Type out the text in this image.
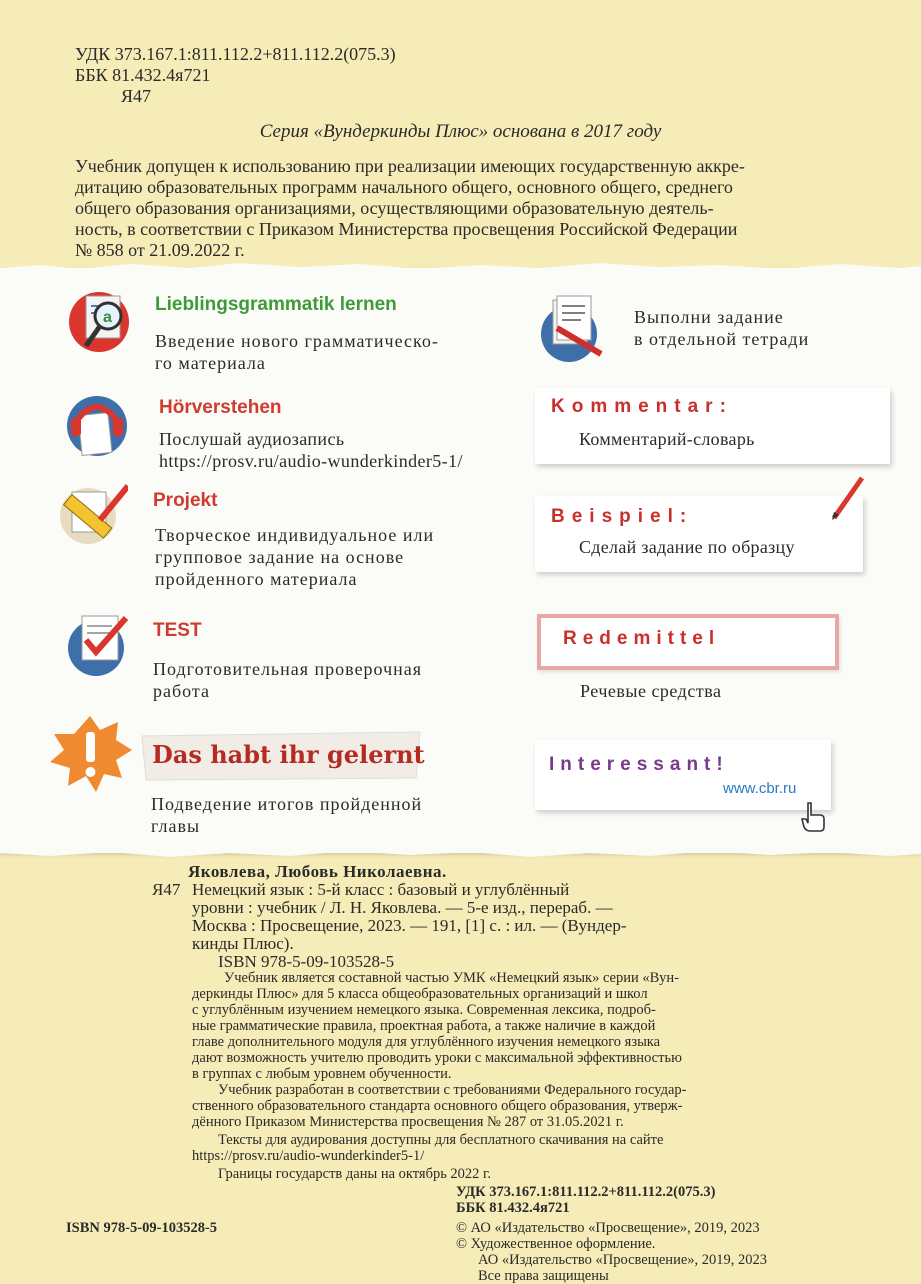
УДК 373.167.1:811.112.2+811.112.2(075.3)
ББК 81.432.4я721
Я47
Серия «Вундеркинды Плюс» основана в 2017 году
Учебник допущен к использованию при реализации имеющих государственную аккре-
дитацию образовательных программ начального общего, основного общего, среднего
общего образования организациями, осуществляющими образовательную деятель-
ность, в соответствии с Приказом Министерства просвещения Российской Федерации
№ 858 от 21.09.2022 г.
a
Lieblingsgrammatik lernen
Введение нового грамматическо-
го материала
Выполни задание
в отдельной тетради
Hörverstehen
Послушай аудиозапись
https://prosv.ru/audio-wunderkinder5-1/
Kommentar:
Комментарий-словарь
Projekt
Творческое индивидуальное или
групповое задание на основе
пройденного материала
Beispiel:
Сделай задание по образцу
TEST
Подготовительная проверочная
работа
Redemittel
Речевые средства
Das habt ihr gelernt
Подведение итогов пройденной
главы
Interessant!
www.cbr.ru
Яковлева, Любовь Николаевна.
Я47 Немецкий язык : 5-й класс : базовый и углублённый
уровни : учебник / Л. Н. Яковлева. — 5-е изд., перераб. —
Москва : Просвещение, 2023. — 191, [1] с. : ил. — (Вундер-
кинды Плюс).
ISBN 978-5-09-103528-5
Учебник является составной частью УМК «Немецкий язык» серии «Вун-
деркинды Плюс» для 5 класса общеобразовательных организаций и школ
с углублённым изучением немецкого языка. Современная лексика, подроб-
ные грамматические правила, проектная работа, а также наличие в каждой
главе дополнительного модуля для углублённого изучения немецкого языка
дают возможность учителю проводить уроки с максимальной эффективностью
в группах с любым уровнем обученности.
Учебник разработан в соответствии с требованиями Федерального государ-
ственного образовательного стандарта основного общего образования, утверж-
дённого Приказом Министерства просвещения № 287 от 31.05.2021 г.
Тексты для аудирования доступны для бесплатного скачивания на сайте
https://prosv.ru/audio-wunderkinder5-1/
Границы государств даны на октябрь 2022 г.
УДК 373.167.1:811.112.2+811.112.2(075.3)
ББК 81.432.4я721
ISBN 978-5-09-103528-5	© АО «Издательство «Просвещение», 2019, 2023
© Художественное оформление.
АО «Издательство «Просвещение», 2019, 2023
Все права защищены
